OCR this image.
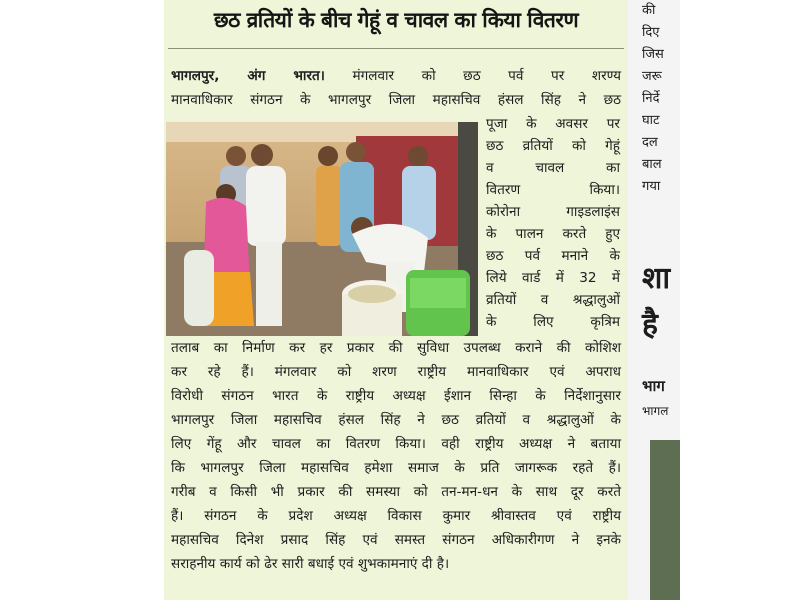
छठ व्रतियों के बीच गेहूं व चावल का किया वितरण
भागलपुर, अंग भारत। मंगलवार को छठ पर्व पर शरण्य
मानवाधिकार संगठन के भागलपुर जिला महासचिव हंसल सिंह ने छठ
पूजा के अवसर पर
छठ व्रतियों को गेहूं
व चावल का
वितरण किया।
कोरोना गाइडलाइंस
के पालन करते हुए
छठ पर्व मनाने के
लिये वार्ड में 32 में
व्रतियों व श्रद्धालुओं
के लिए कृत्रिम
तलाब का निर्माण कर हर प्रकार की सुविधा उपलब्ध कराने की कोशिश
कर रहे हैं। मंगलवार को शरण राष्ट्रीय मानवाधिकार एवं अपराध
विरोधी संगठन भारत के राष्ट्रीय अध्यक्ष ईशान सिन्हा के निर्देशानुसार
भागलपुर जिला महासचिव हंसल सिंह ने छठ व्रतियों व श्रद्धालुओं के
लिए गेंहू और चावल का वितरण किया। वही राष्ट्रीय अध्यक्ष ने बताया
कि भागलपुर जिला महासचिव हमेशा समाज के प्रति जागरूक रहते हैं।
गरीब व किसी भी प्रकार की समस्या को तन-मन-धन के साथ दूर करते
हैं। संगठन के प्रदेश अध्यक्ष विकास कुमार श्रीवास्तव एवं राष्ट्रीय
महासचिव दिनेश प्रसाद सिंह एवं समस्त संगठन अधिकारीगण ने इनके
सराहनीय कार्य को ढेर सारी बधाई एवं शुभकामनाएं दी है।
की
दिए
जिस
जरू
निर्दे
घाट
दल
बाल
गया
शा
है
भाग
भागल
